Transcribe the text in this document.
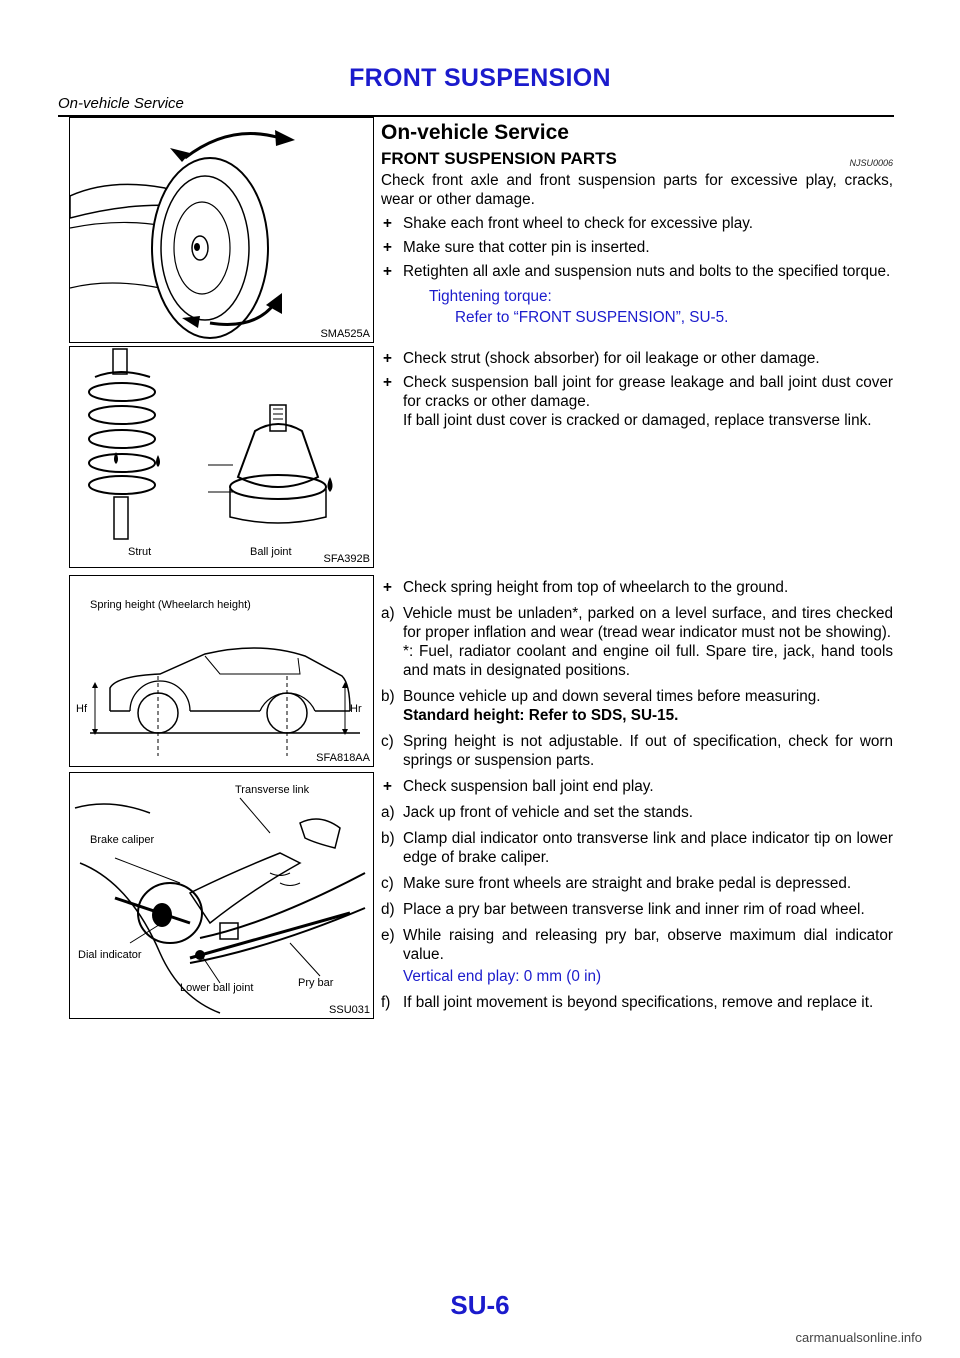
FRONT SUSPENSION
On-vehicle Service
SMA525A
Strut	Ball joint
SFA392B
Spring height (Wheelarch height)
Hf	Hr
SFA818AA
Transverse link
Brake caliper
Dial indicator
Lower ball joint	Pry bar
SSU031
On-vehicle Service
FRONT SUSPENSION PARTS	NJSU0006

Check front axle and front suspension parts for excessive play, cracks, wear or other damage.

+ Shake each front wheel to check for excessive play.
+ Make sure that cotter pin is inserted.
+ Retighten all axle and suspension nuts and bolts to the specified torque.
Tightening torque:
Refer to “FRONT SUSPENSION”, SU-5.
+ Check strut (shock absorber) for oil leakage or other damage.
+ Check suspension ball joint for grease leakage and ball joint dust cover for cracks or other damage.
If ball joint dust cover is cracked or damaged, replace transverse link.
+ Check spring height from top of wheelarch to the ground.
a) Vehicle must be unladen*, parked on a level surface, and tires checked for proper inflation and wear (tread wear indicator must not be showing).
*: Fuel, radiator coolant and engine oil full. Spare tire, jack, hand tools and mats in designated positions.
b) Bounce vehicle up and down several times before measuring.
Standard height: Refer to SDS, SU-15.
c) Spring height is not adjustable. If out of specification, check for worn springs or suspension parts.
+ Check suspension ball joint end play.
a) Jack up front of vehicle and set the stands.
b) Clamp dial indicator onto transverse link and place indicator tip on lower edge of brake caliper.
c) Make sure front wheels are straight and brake pedal is depressed.
d) Place a pry bar between transverse link and inner rim of road wheel.
e) While raising and releasing pry bar, observe maximum dial indicator value.
Vertical end play: 0 mm (0 in)
f) If ball joint movement is beyond specifications, remove and replace it.
SU-6
carmanualsonline.info
